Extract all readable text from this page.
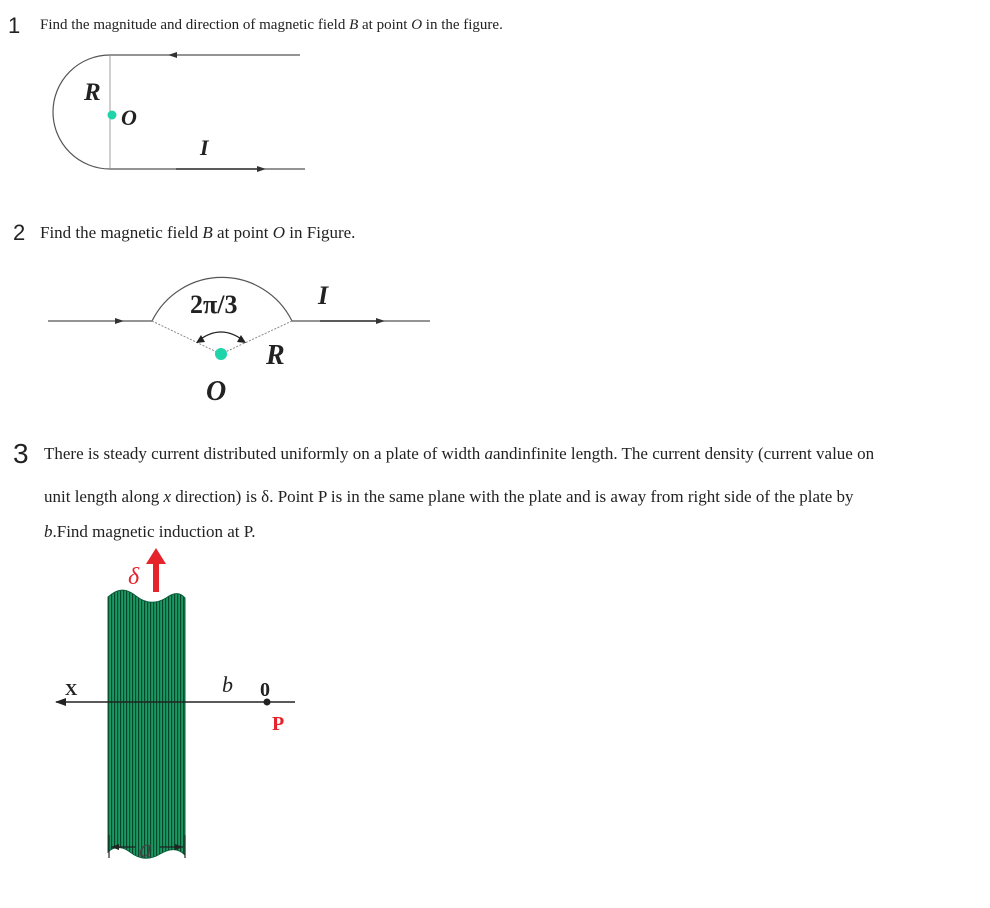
1 Find the magnitude and direction of magnetic field B at point O in the figure.
R
O
I
2 Find the magnetic field B at point O in Figure.
2π/3	I
R
O
3 There is steady current distributed uniformly on a plate of width aandinfinite length. The current density (current value on
unit length along x direction) is δ. Point P is in the same plane with the plate and is away from right side of the plate by
b.Find magnetic induction at P.
δ
X	b 0
P
a
